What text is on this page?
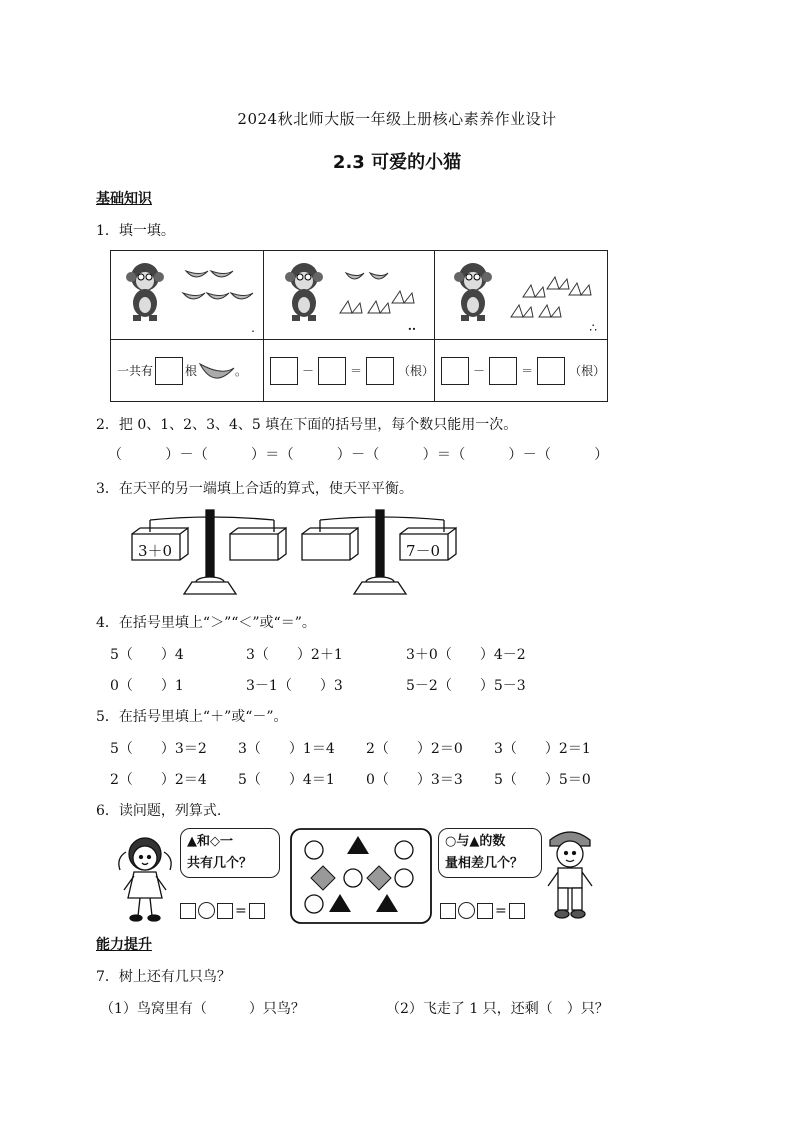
2024秋北师大版一年级上册核心素养作业设计
2.3 可爱的小猫
基础知识
1．填一填。
.	..	∴

一共有 根 。	－ ＝ （根）	－ ＝ （根）
2．把 0、1、2、3、4、5 填在下面的括号里，每个数只能用一次。
（　　　）－（　　　）＝（　　　）－（　　　）＝（　　　）－（　　　）
3．在天平的另一端填上合适的算式，使天平平衡。
3＋0	7－0
4．在括号里填上“＞”“＜”或“＝”。
5（　　）4	3（　　）2＋1	3＋0（　　）4－2
0（　　）1	3－1（　　）3	5－2（　　）5－3
5．在括号里填上“＋”或“－”。
5（　　）3＝2 3（　　）1＝4 2（　　）2＝0 3（　　）2＝1
2（　　）2＝4 5（　　）4＝1 0（　　）3＝3 5（　　）5＝0
6．读问题，列算式.
▲和◇一
共有几个？
=
○与▲的数
量相差几个？
=
能力提升
7．树上还有几只鸟？
（1）鸟窝里有（　　　）只鸟？	（2）飞走了 1 只，还剩（　）只？
